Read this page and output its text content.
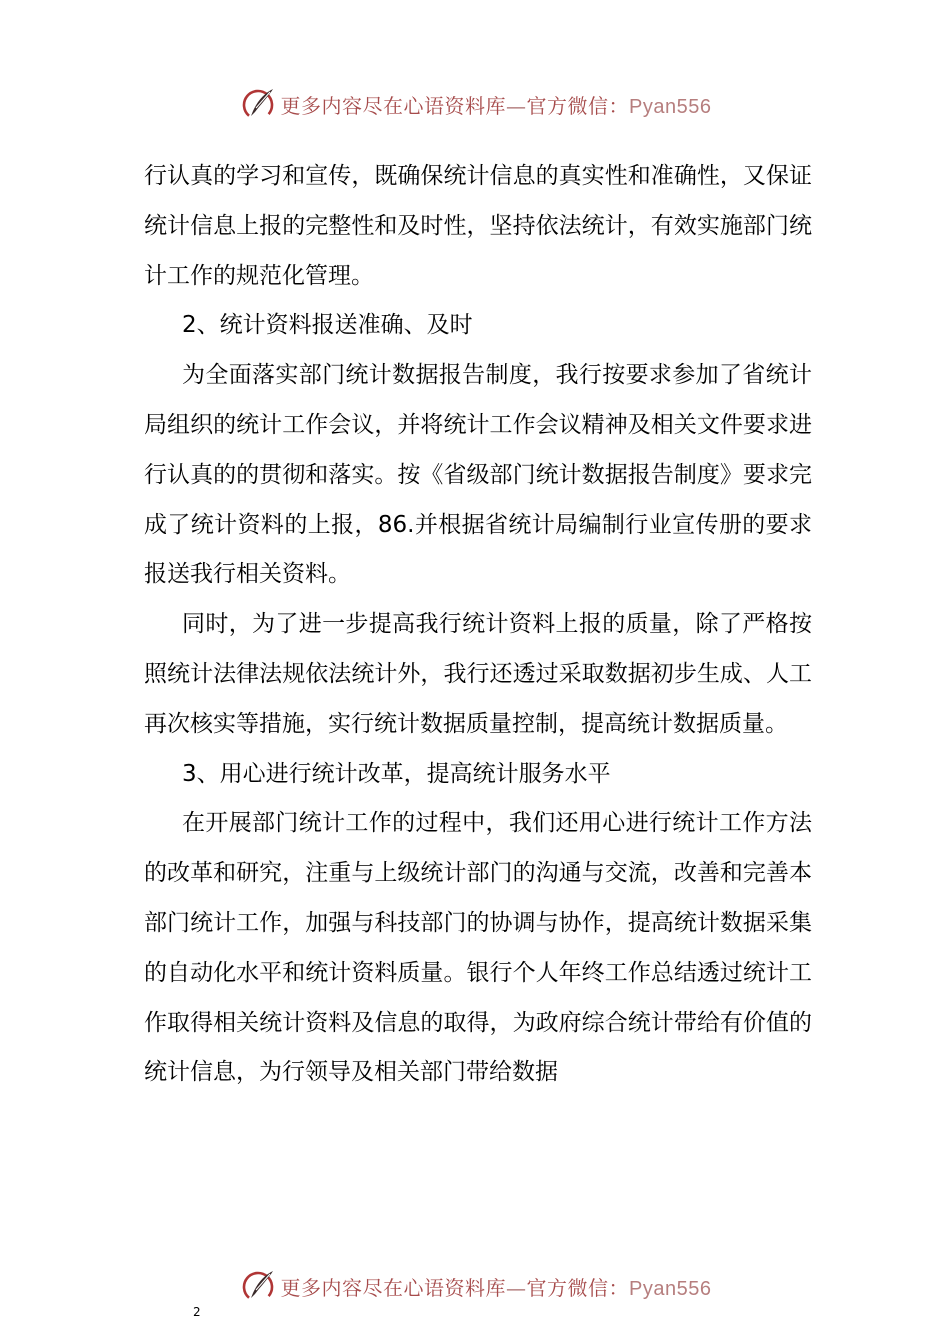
更多内容尽在心语资料库—官方微信：Pyan556

行认真的学习和宣传，既确保统计信息的真实性和准确性，又保证统计信息上报的完整性和及时性，坚持依法统计，有效实施部门统计工作的规范化管理。

2、统计资料报送准确、及时

为全面落实部门统计数据报告制度，我行按要求参加了省统计局组织的统计工作会议，并将统计工作会议精神及相关文件要求进行认真的的贯彻和落实。按《省级部门统计数据报告制度》要求完成了统计资料的上报，86.并根据省统计局编制行业宣传册的要求报送我行相关资料。

同时，为了进一步提高我行统计资料上报的质量，除了严格按照统计法律法规依法统计外，我行还透过采取数据初步生成、人工再次核实等措施，实行统计数据质量控制，提高统计数据质量。

3、用心进行统计改革，提高统计服务水平

在开展部门统计工作的过程中，我们还用心进行统计工作方法的改革和研究，注重与上级统计部门的沟通与交流，改善和完善本部门统计工作，加强与科技部门的协调与协作，提高统计数据采集的自动化水平和统计资料质量。银行个人年终工作总结透过统计工作取得相关统计资料及信息的取得，为政府综合统计带给有价值的统计信息，为行领导及相关部门带给数据

更多内容尽在心语资料库—官方微信：Pyan556
2
